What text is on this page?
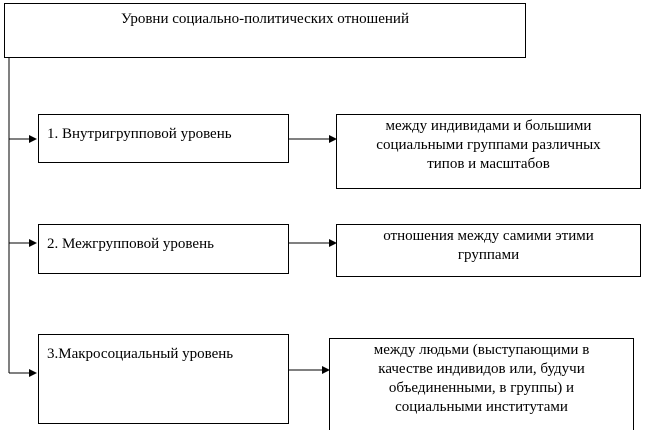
Уровни социально-политических отношений
1. Внутригрупповой уровень	между индивидами и большими
социальными группами различных
типов и масштабов
2. Межгрупповой уровень	отношения между самими этими
группами
3.Макросоциальный уровень	между людьми (выступающими в
качестве индивидов или, будучи
объединенными, в группы) и
социальными институтами
